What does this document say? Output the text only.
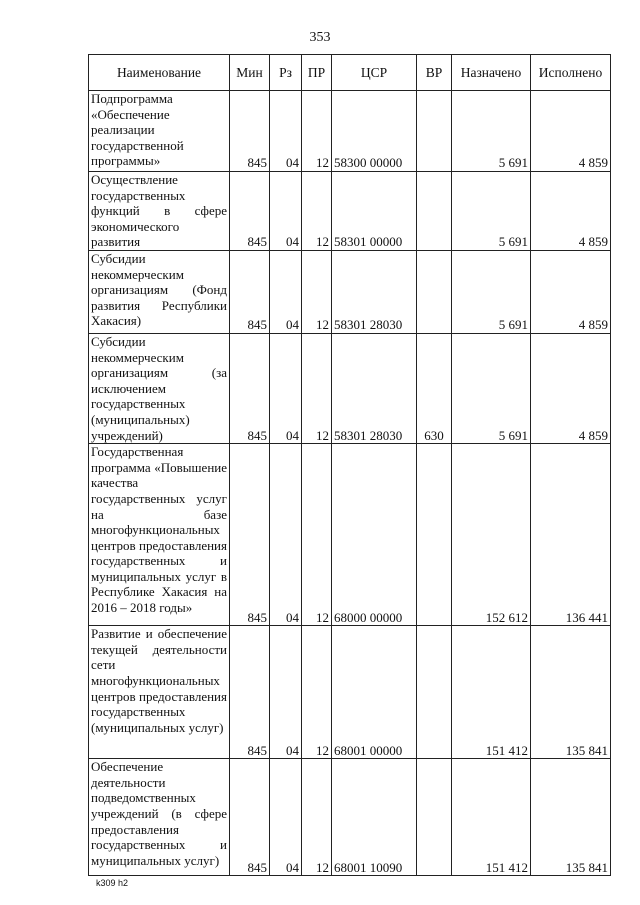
353
Наименование	Мин	Рз	ПР	ЦСР	ВР	Назначено	Исполнено
Подпрограмма «Обеспечение реализации государственной программы»	845	04	12	58300 00000		5 691	4 859
Осуществление государственных функций в сфере экономического развития	845	04	12	58301 00000		5 691	4 859
Субсидии некоммерческим организациям (Фонд развития Республики Хакасия)	845	04	12	58301 28030		5 691	4 859
Субсидии некоммерческим организациям (за исключением государственных (муниципальных) учреждений)	845	04	12	58301 28030	630	5 691	4 859
Государственная программа «Повышение качества государственных услуг на базе многофункциональных центров предоставления государственных и муниципальных услуг в Республике Хакасия на 2016 – 2018 годы»	845	04	12	68000 00000		152 612	136 441
Развитие и обеспечение текущей деятельности сети многофункциональных центров предоставления государственных (муниципальных услуг)	845	04	12	68001 00000		151 412	135 841
Обеспечение деятельности подведомственных учреждений (в сфере предоставления государственных и муниципальных услуг)	845	04	12	68001 10090		151 412	135 841
k309 h2
